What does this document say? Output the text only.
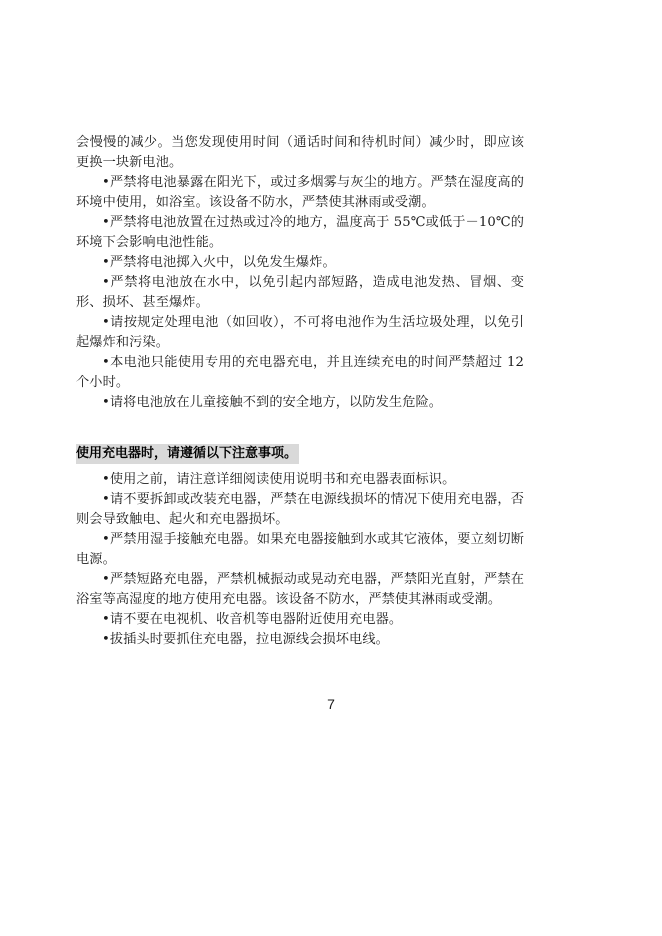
会慢慢的减少。当您发现使用时间（通话时间和待机时间）减少时，即应该更换一块新电池。

•严禁将电池暴露在阳光下，或过多烟雾与灰尘的地方。严禁在湿度高的环境中使用，如浴室。该设备不防水，严禁使其淋雨或受潮。

•严禁将电池放置在过热或过冷的地方，温度高于 55℃或低于－10℃的环境下会影响电池性能。

•严禁将电池掷入火中，以免发生爆炸。

•严禁将电池放在水中，以免引起内部短路，造成电池发热、冒烟、变形、损坏、甚至爆炸。

•请按规定处理电池（如回收），不可将电池作为生活垃圾处理，以免引起爆炸和污染。

•本电池只能使用专用的充电器充电，并且连续充电的时间严禁超过 12 个小时。

•请将电池放在儿童接触不到的安全地方，以防发生危险。

使用充电器时，请遵循以下注意事项。

•使用之前，请注意详细阅读使用说明书和充电器表面标识。

•请不要拆卸或改装充电器，严禁在电源线损坏的情况下使用充电器，否则会导致触电、起火和充电器损坏。

•严禁用湿手接触充电器。如果充电器接触到水或其它液体，要立刻切断电源。

•严禁短路充电器，严禁机械振动或晃动充电器，严禁阳光直射，严禁在浴室等高湿度的地方使用充电器。该设备不防水，严禁使其淋雨或受潮。

•请不要在电视机、收音机等电器附近使用充电器。

•拔插头时要抓住充电器，拉电源线会损坏电线。

7
